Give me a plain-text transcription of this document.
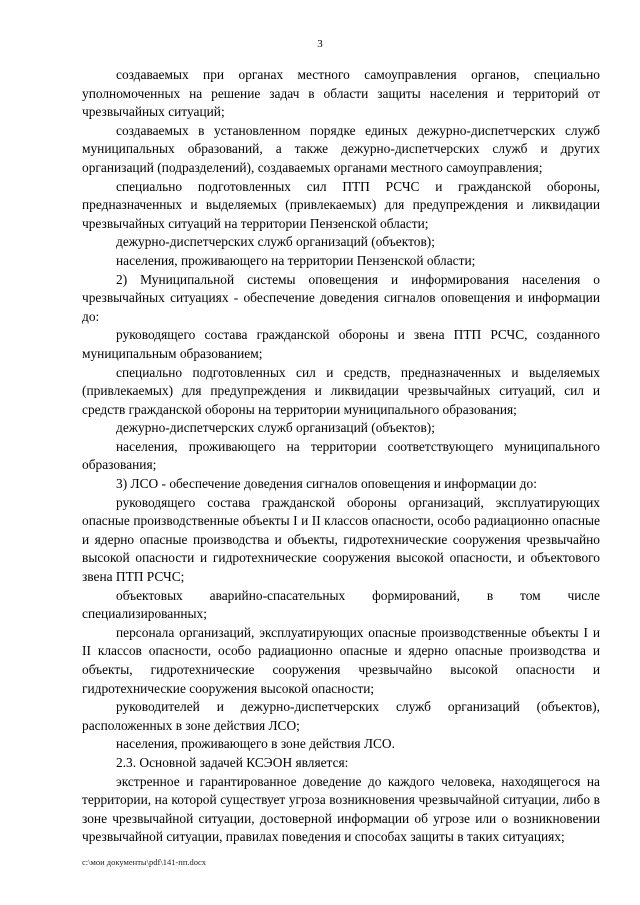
3

создаваемых при органах местного самоуправления органов, специально уполномоченных на решение задач в области защиты населения и территорий от чрезвычайных ситуаций;

создаваемых в установленном порядке единых дежурно-диспетчерских служб муниципальных образований, а также дежурно-диспетчерских служб и других организаций (подразделений), создаваемых органами местного самоуправления;

специально подготовленных сил ПТП РСЧС и гражданской обороны, предназначенных и выделяемых (привлекаемых) для предупреждения и ликвидации чрезвычайных ситуаций на территории Пензенской области;

дежурно-диспетчерских служб организаций (объектов);

населения, проживающего на территории Пензенской области;

2) Муниципальной системы оповещения и информирования населения о чрезвычайных ситуациях - обеспечение доведения сигналов оповещения и информации до:

руководящего состава гражданской обороны и звена ПТП РСЧС, созданного муниципальным образованием;

специально подготовленных сил и средств, предназначенных и выделяемых (привлекаемых) для предупреждения и ликвидации чрезвычайных ситуаций, сил и средств гражданской обороны на территории муниципального образования;

дежурно-диспетчерских служб организаций (объектов);

населения, проживающего на территории соответствующего муниципального образования;

3) ЛСО - обеспечение доведения сигналов оповещения и информации до:

руководящего состава гражданской обороны организаций, эксплуатирующих опасные производственные объекты I и II классов опасности, особо радиационно опасные и ядерно опасные производства и объекты, гидротехнические сооружения чрезвычайно высокой опасности и гидротехнические сооружения высокой опасности, и объектового звена ПТП РСЧС;

объектовых аварийно-спасательных формирований, в том числе специализированных;

персонала организаций, эксплуатирующих опасные производственные объекты I и II классов опасности, особо радиационно опасные и ядерно опасные производства и объекты, гидротехнические сооружения чрезвычайно высокой опасности и гидротехнические сооружения высокой опасности;

руководителей и дежурно-диспетчерских служб организаций (объектов), расположенных в зоне действия ЛСО;

населения, проживающего в зоне действия ЛСО.

2.3. Основной задачей КСЭОН является:

экстренное и гарантированное доведение до каждого человека, находящегося на территории, на которой существует угроза возникновения чрезвычайной ситуации, либо в зоне чрезвычайной ситуации, достоверной информации об угрозе или о возникновении чрезвычайной ситуации, правилах поведения и способах защиты в таких ситуациях;

c:\мои документы\pdf\141-пп.docx
